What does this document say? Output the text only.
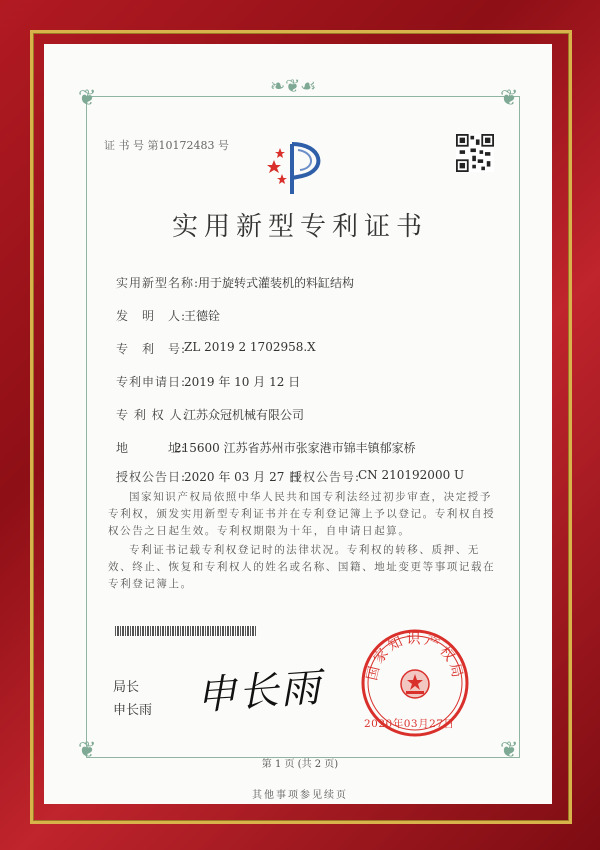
❦	❦
❦	❦
❧❦☙
证 书 号 第10172483 号
实用新型专利证书
实用新型名称:
用于旋转式灌装机的料缸结构
发　明　人:
王德铨
专　利　号:
ZL 2019 2 1702958.X
专利申请日:
2019 年 10 月 12 日
专 利 权 人:
江苏众冠机械有限公司
地　　　址:
215600 江苏省苏州市张家港市锦丰镇郁家桥
授权公告日:
2020 年 03 月 27 日
授权公告号:
CN 210192000 U
国家知识产权局依照中华人民共和国专利法经过初步审查，决定授予专利权，颁发实用新型专利证书并在专利登记簿上予以登记。专利权自授权公告之日起生效。专利权期限为十年，自申请日起算。
专利证书记载专利权登记时的法律状况。专利权的转移、质押、无效、终止、恢复和专利权人的姓名或名称、国籍、地址变更等事项记载在专利登记簿上。
局长
申长雨 申长雨	国家知识产权局
2020年03月27日
第 1 页 (共 2 页)
其他事项参见续页
